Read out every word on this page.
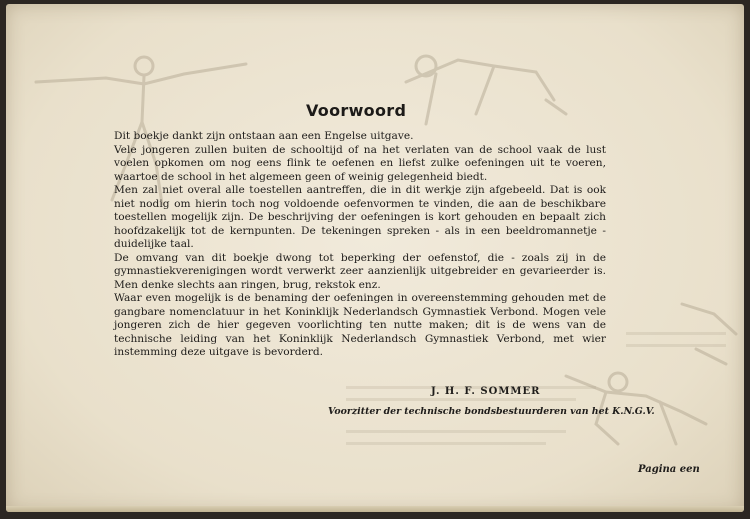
Voorwoord

Dit boekje dankt zijn ontstaan aan een Engelse uitgave.

Vele jongeren zullen buiten de schooltijd of na het verlaten van de school vaak de lust voelen opkomen om nog eens flink te oefenen en liefst zulke oefeningen uit te voeren, waartoe de school in het algemeen geen of weinig gelegenheid biedt.

Men zal niet overal alle toestellen aantreffen, die in dit werkje zijn afgebeeld. Dat is ook niet nodig om hierin toch nog voldoende oefenvormen te vinden, die aan de beschikbare toestellen mogelijk zijn. De beschrijving der oefeningen is kort gehouden en bepaalt zich hoofdzakelijk tot de kernpunten. De tekeningen spreken - als in een beeldromannetje - duidelijke taal.

De omvang van dit boekje dwong tot beperking der oefenstof, die - zoals zij in de gymnastiekverenigingen wordt verwerkt zeer aanzienlijk uitgebreider en gevarieerder is. Men denke slechts aan ringen, brug, rekstok enz.

Waar even mogelijk is de benaming der oefeningen in overeenstemming gehouden met de gangbare nomenclatuur in het Koninklijk Nederlandsch Gymnastiek Verbond. Mogen vele jongeren zich de hier gegeven voorlichting ten nutte maken; dit is de wens van de technische leiding van het Koninklijk Nederlandsch Gymnastiek Verbond, met wier instemming deze uitgave is bevorderd.

J. H. F. SOMMER
Voorzitter der technische bondsbestuurderen van het K.N.G.V.
Pagina een
